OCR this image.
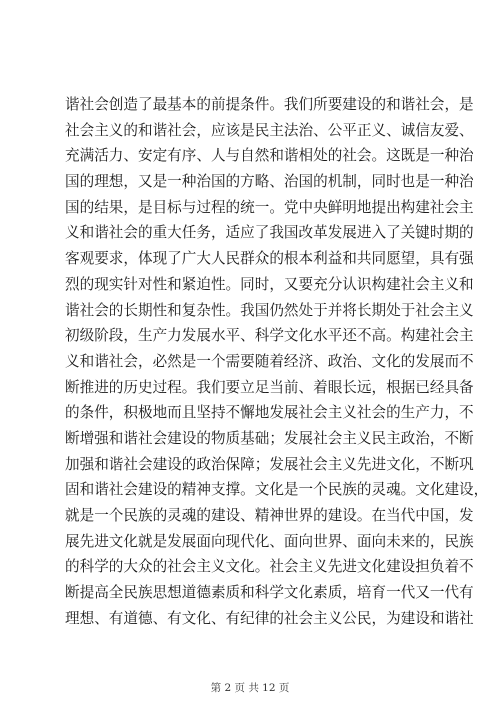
谐社会创造了最基本的前提条件。我们所要建设的和谐社会，是
社会主义的和谐社会，应该是民主法治、公平正义、诚信友爱、
充满活力、安定有序、人与自然和谐相处的社会。这既是一种治
国的理想，又是一种治国的方略、治国的机制，同时也是一种治
国的结果，是目标与过程的统一。党中央鲜明地提出构建社会主
义和谐社会的重大任务，适应了我国改革发展进入了关键时期的
客观要求，体现了广大人民群众的根本利益和共同愿望，具有强
烈的现实针对性和紧迫性。同时，又要充分认识构建社会主义和
谐社会的长期性和复杂性。我国仍然处于并将长期处于社会主义
初级阶段，生产力发展水平、科学文化水平还不高。构建社会主
义和谐社会，必然是一个需要随着经济、政治、文化的发展而不
断推进的历史过程。我们要立足当前、着眼长远，根据已经具备
的条件，积极地而且坚持不懈地发展社会主义社会的生产力，不
断增强和谐社会建设的物质基础；发展社会主义民主政治，不断
加强和谐社会建设的政治保障；发展社会主义先进文化，不断巩
固和谐社会建设的精神支撑。文化是一个民族的灵魂。文化建设，
就是一个民族的灵魂的建设、精神世界的建设。在当代中国，发
展先进文化就是发展面向现代化、面向世界、面向未来的，民族
的科学的大众的社会主义文化。社会主义先进文化建设担负着不
断提高全民族思想道德素质和科学文化素质，培育一代又一代有
理想、有道德、有文化、有纪律的社会主义公民，为建设和谐社
第 2 页 共 12 页
